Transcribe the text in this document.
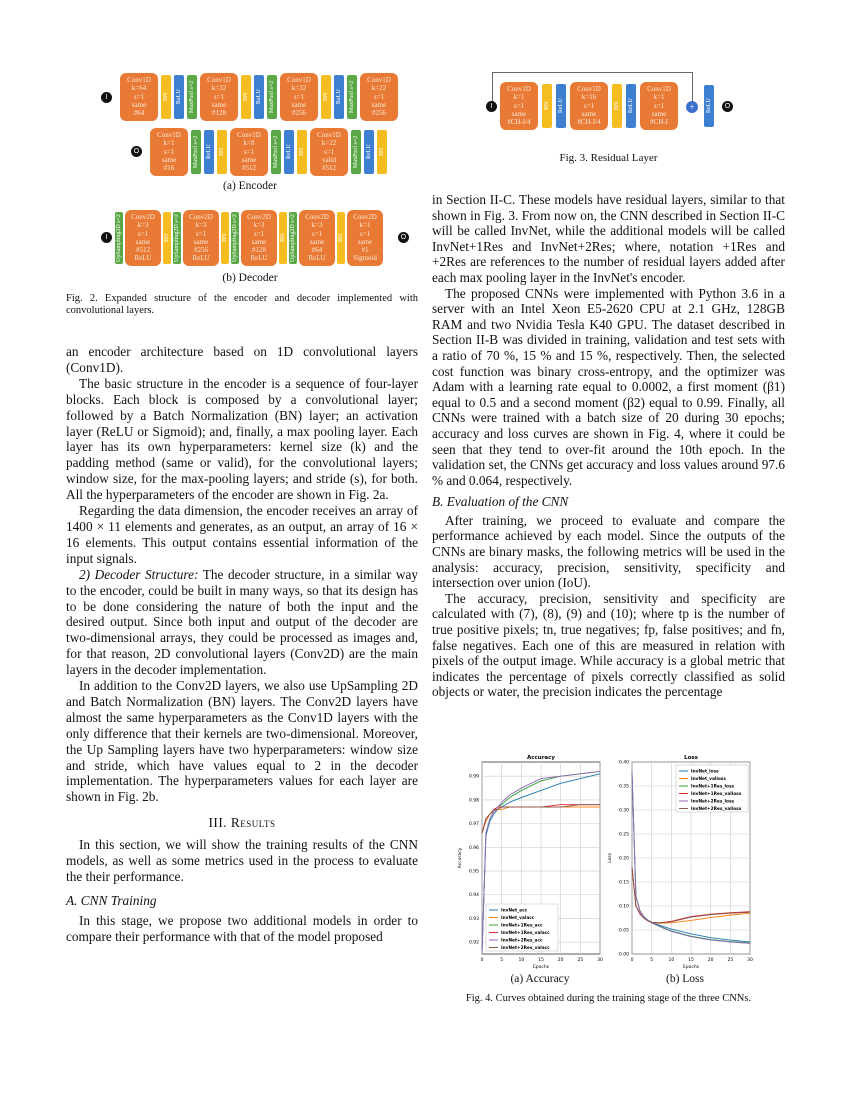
I
Conv1D
k=64
s=1
same
#64
BN	ReLU	MaxPool s=2
Conv1D
k=32
s=1
same
#128
BN	ReLU	MaxPool s=2
Conv1D
k=32
s=1
same
#256
BN	ReLU	MaxPool s=2
Conv1D
k=22
s=1
same
#256
Conv1D
k=1
s=1
same
#16
MaxPool s=2	ReLU	BN
Conv1D
k=8
s=1
same
#512
MaxPool s=2	ReLU	BN
Conv1D
k=22
s=1
valid
#512
MaxPool s=2	ReLU	BN
O
(a) Encoder
I	UpSampling2D s=2	Conv2D
k=3
s=1
same
#512
ReLU
BN UpSampling2D s=2	Conv2D
k=3
s=1
same
#256
ReLU
BN UpSampling2D s=2	Conv2D
k=3
s=1
same
#128
ReLU
BN UpSampling2D s=2	Conv2D
k=3
s=1
same
#64
ReLU
BN
Conv2D
k=1
s=1
same
#1
Sigmoid
O
(b) Decoder
Fig. 2. Expanded structure of the encoder and decoder implemented with convolutional layers.
I
Conv1D
k=1
s=1
same
#CH-I/4
BN	ReLU
Conv1D
k=16
s=1
same
#CH-I/4
BN	ReLU
Conv1D
k=1
s=1
same
#CH-I
+	ReLU	O
Fig. 3. Residual Layer

an encoder architecture based on 1D convolutional layers (Conv1D).

The basic structure in the encoder is a sequence of four-layer blocks. Each block is composed by a convolutional layer; followed by a Batch Normalization (BN) layer; an activation layer (ReLU or Sigmoid); and, finally, a max pooling layer. Each layer has its own hyperparameters: kernel size (k) and the padding method (same or valid), for the convolutional layers; window size, for the max-pooling layers; and stride (s), for both. All the hyperparameters of the encoder are shown in Fig. 2a.

Regarding the data dimension, the encoder receives an array of 1400 × 11 elements and generates, as an output, an array of 16 × 16 elements. This output contains essential information of the input signals.

2) Decoder Structure: The decoder structure, in a similar way to the encoder, could be built in many ways, so that its design has to be done considering the nature of both the input and the desired output. Since both input and output of the decoder are two-dimensional arrays, they could be processed as images and, for that reason, 2D convolutional layers (Conv2D) are the main layers in the decoder implementation.

In addition to the Conv2D layers, we also use UpSampling 2D and Batch Normalization (BN) layers. The Conv2D layers have almost the same hyperparameters as the Conv1D layers with the only difference that their kernels are two-dimensional. Moreover, the Up Sampling layers have two hyperparameters: window size and stride, which have values equal to 2 in the decoder implementation. The hyperparameters values for each layer are shown in Fig. 2b.

III. Results

In this section, we will show the training results of the CNN models, as well as some metrics used in the process to evaluate the their performance.

A. CNN Training

In this stage, we propose two additional models in order to compare their performance with that of the model proposed

in Section II-C. These models have residual layers, similar to that shown in Fig. 3. From now on, the CNN described in Section II-C will be called InvNet, while the additional models will be called InvNet+1Res and InvNet+2Res; where, notation +1Res and +2Res are references to the number of residual layers added after each max pooling layer in the InvNet's encoder.

The proposed CNNs were implemented with Python 3.6 in a server with an Intel Xeon E5-2620 CPU at 2.1 GHz, 128GB RAM and two Nvidia Tesla K40 GPU. The dataset described in Section II-B was divided in training, validation and test sets with a ratio of 70 %, 15 % and 15 %, respectively. Then, the selected cost function was binary cross-entropy, and the optimizer was Adam with a learning rate equal to 0.0002, a first moment (β1) equal to 0.5 and a second moment (β2) equal to 0.99. Finally, all CNNs were trained with a batch size of 20 during 30 epochs; accuracy and loss curves are shown in Fig. 4, where it could be seen that they tend to over-fit around the 10th epoch. In the validation set, the CNNs get accuracy and loss values around 97.6 % and 0.064, respectively.

B. Evaluation of the CNN

After training, we proceed to evaluate and compare the performance achieved by each model. Since the outputs of the CNNs are binary masks, the following metrics will be used in the analysis: accuracy, precision, sensitivity, specificity and intersection over union (IoU).

The accuracy, precision, sensitivity and specificity are calculated with (7), (8), (9) and (10); where tp is the number of true positive pixels; tn, true negatives; fp, false positives; and fn, false negatives. Each one of this are measured in relation with pixels of the output image. While accuracy is a global metric that indicates the percentage of pixels correctly classified as solid objects or water, the precision indicates the percentage

0	5	10	15	20	25	30
0.92
0.93
0.94
0.95
0.96
0.97
0.98
0.99
Accuracy
Epochs
Accuracy
InvNet_acc
InvNet_valacc
InvNet+1Res_acc
InvNet+1Res_valacc
InvNet+2Res_acc
InvNet+2Res_valacc
0	5	10	15	20	25	30
0.00
0.05
0.10
0.15
0.20
0.25
0.30
0.35
0.40
Loss
Epochs
Loss
InvNet_loss
InvNet_valloss
InvNet+1Res_loss
InvNet+1Res_valloss
InvNet+2Res_loss
InvNet+2Res_valloss
(a) Accuracy	(b) Loss
Fig. 4. Curves obtained during the training stage of the three CNNs.
